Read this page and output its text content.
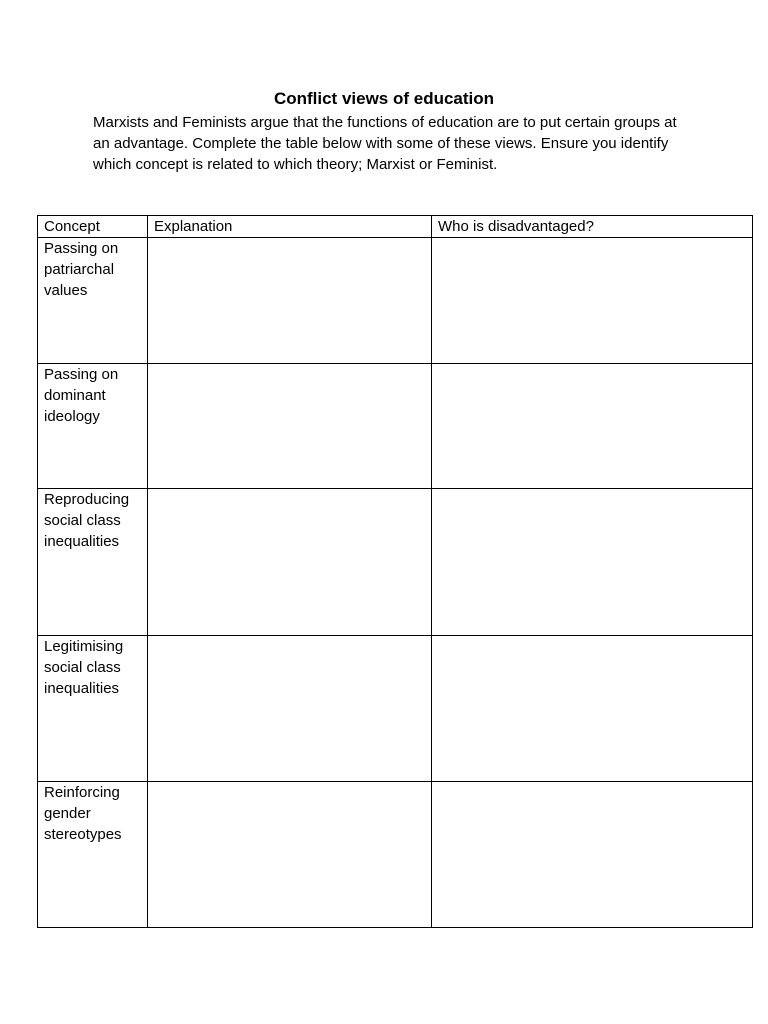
Conflict views of education

Marxists and Feminists argue that the functions of education are to put certain groups at an advantage. Complete the table below with some of these views. Ensure you identify which concept is related to which theory; Marxist or Feminist.

Concept	Explanation	Who is disadvantaged?

Passing on patriarchal values		

Passing on dominant ideology		

Reproducing social class inequalities		

Legitimising social class inequalities		

Reinforcing gender stereotypes		
